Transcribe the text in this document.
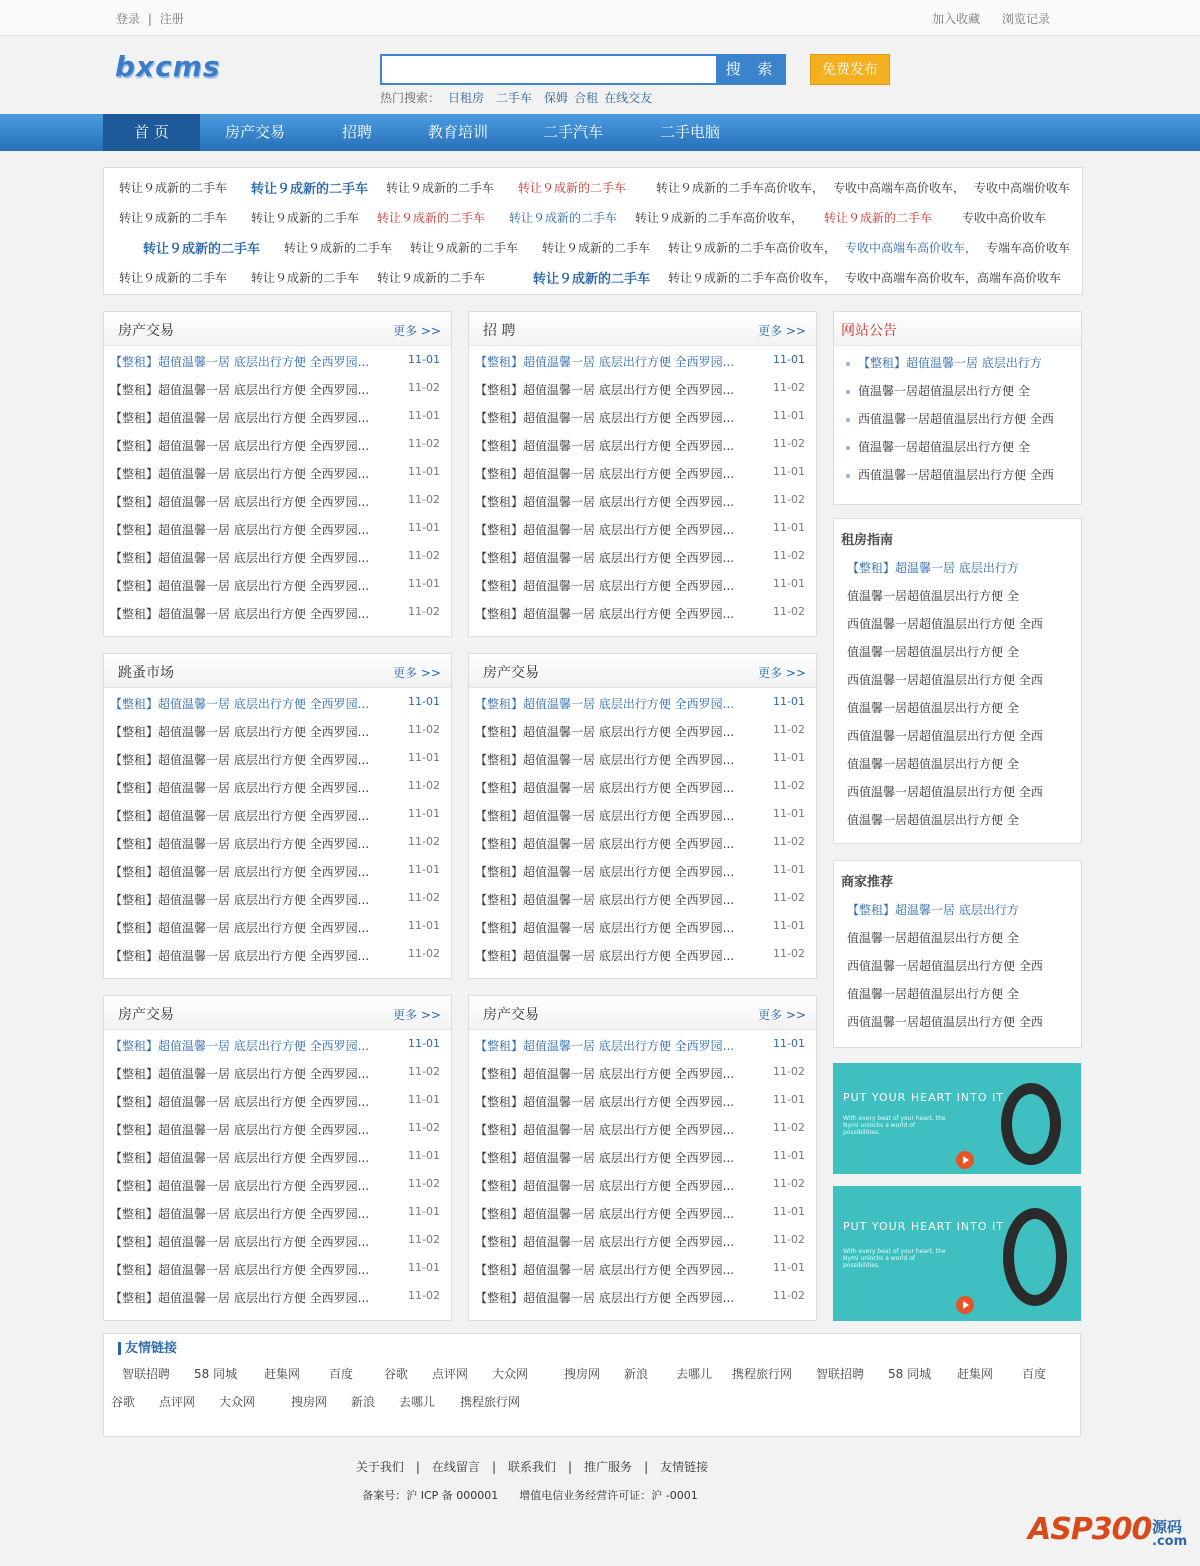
登录 | 注册	加入收藏 浏览记录
bxcms	搜 索	免费发布
热门搜索： 日租房 二手车 保姆 合租 在线交友
首 页	房产交易	招聘	教育培训	二手汽车	二手电脑
转让９成新的二手车 转让９成新的二手车 转让９成新的二手车 转让９成新的二手车 转让９成新的二手车高价收车， 专收中高端车高价收车， 专收中高端价收车
转让９成新的二手车 转让９成新的二手车 转让９成新的二手车 转让９成新的二手车 转让９成新的二手车高价收车， 转让９成新的二手车 专收中高价收车
转让９成新的二手车 转让９成新的二手车 转让９成新的二手车 转让９成新的二手车 转让９成新的二手车高价收车， 专收中高端车高价收车， 专端车高价收车
转让９成新的二手车 转让９成新的二手车 转让９成新的二手车	转让９成新的二手车 转让９成新的二手车高价收车， 专收中高端车高价收车，高端车高价收车
房产交易	更多 >>
【整租】超值温馨一居 底层出行方便 全西罗园...	11-01
【整租】超值温馨一居 底层出行方便 全西罗园...	11-02
【整租】超值温馨一居 底层出行方便 全西罗园...	11-01
【整租】超值温馨一居 底层出行方便 全西罗园...	11-02
【整租】超值温馨一居 底层出行方便 全西罗园...	11-01
【整租】超值温馨一居 底层出行方便 全西罗园...	11-02
【整租】超值温馨一居 底层出行方便 全西罗园...	11-01
【整租】超值温馨一居 底层出行方便 全西罗园...	11-02
【整租】超值温馨一居 底层出行方便 全西罗园...	11-01
【整租】超值温馨一居 底层出行方便 全西罗园...	11-02
招 聘	更多 >>
【整租】超值温馨一居 底层出行方便 全西罗园...	11-01
【整租】超值温馨一居 底层出行方便 全西罗园...	11-02
【整租】超值温馨一居 底层出行方便 全西罗园...	11-01
【整租】超值温馨一居 底层出行方便 全西罗园...	11-02
【整租】超值温馨一居 底层出行方便 全西罗园...	11-01
【整租】超值温馨一居 底层出行方便 全西罗园...	11-02
【整租】超值温馨一居 底层出行方便 全西罗园...	11-01
【整租】超值温馨一居 底层出行方便 全西罗园...	11-02
【整租】超值温馨一居 底层出行方便 全西罗园...	11-01
【整租】超值温馨一居 底层出行方便 全西罗园...	11-02
跳蚤市场	更多 >>
【整租】超值温馨一居 底层出行方便 全西罗园...	11-01
【整租】超值温馨一居 底层出行方便 全西罗园...	11-02
【整租】超值温馨一居 底层出行方便 全西罗园...	11-01
【整租】超值温馨一居 底层出行方便 全西罗园...	11-02
【整租】超值温馨一居 底层出行方便 全西罗园...	11-01
【整租】超值温馨一居 底层出行方便 全西罗园...	11-02
【整租】超值温馨一居 底层出行方便 全西罗园...	11-01
【整租】超值温馨一居 底层出行方便 全西罗园...	11-02
【整租】超值温馨一居 底层出行方便 全西罗园...	11-01
【整租】超值温馨一居 底层出行方便 全西罗园...	11-02
房产交易	更多 >>
【整租】超值温馨一居 底层出行方便 全西罗园...	11-01
【整租】超值温馨一居 底层出行方便 全西罗园...	11-02
【整租】超值温馨一居 底层出行方便 全西罗园...	11-01
【整租】超值温馨一居 底层出行方便 全西罗园...	11-02
【整租】超值温馨一居 底层出行方便 全西罗园...	11-01
【整租】超值温馨一居 底层出行方便 全西罗园...	11-02
【整租】超值温馨一居 底层出行方便 全西罗园...	11-01
【整租】超值温馨一居 底层出行方便 全西罗园...	11-02
【整租】超值温馨一居 底层出行方便 全西罗园...	11-01
【整租】超值温馨一居 底层出行方便 全西罗园...	11-02
房产交易	更多 >>
【整租】超值温馨一居 底层出行方便 全西罗园...	11-01
【整租】超值温馨一居 底层出行方便 全西罗园...	11-02
【整租】超值温馨一居 底层出行方便 全西罗园...	11-01
【整租】超值温馨一居 底层出行方便 全西罗园...	11-02
【整租】超值温馨一居 底层出行方便 全西罗园...	11-01
【整租】超值温馨一居 底层出行方便 全西罗园...	11-02
【整租】超值温馨一居 底层出行方便 全西罗园...	11-01
【整租】超值温馨一居 底层出行方便 全西罗园...	11-02
【整租】超值温馨一居 底层出行方便 全西罗园...	11-01
【整租】超值温馨一居 底层出行方便 全西罗园...	11-02
房产交易	更多 >>
【整租】超值温馨一居 底层出行方便 全西罗园...	11-01
【整租】超值温馨一居 底层出行方便 全西罗园...	11-02
【整租】超值温馨一居 底层出行方便 全西罗园...	11-01
【整租】超值温馨一居 底层出行方便 全西罗园...	11-02
【整租】超值温馨一居 底层出行方便 全西罗园...	11-01
【整租】超值温馨一居 底层出行方便 全西罗园...	11-02
【整租】超值温馨一居 底层出行方便 全西罗园...	11-01
【整租】超值温馨一居 底层出行方便 全西罗园...	11-02
【整租】超值温馨一居 底层出行方便 全西罗园...	11-01
【整租】超值温馨一居 底层出行方便 全西罗园...	11-02
网站公告
【整租】超值温馨一居 底层出行方
值温馨一居超值温层出行方便 全
西值温馨一居超值温层出行方便 全西
值温馨一居超值温层出行方便 全
西值温馨一居超值温层出行方便 全西
租房指南
【整租】超温馨一居 底层出行方
值温馨一居超值温层出行方便 全
西值温馨一居超值温层出行方便 全西
值温馨一居超值温层出行方便 全
西值温馨一居超值温层出行方便 全西
值温馨一居超值温层出行方便 全
西值温馨一居超值温层出行方便 全西
值温馨一居超值温层出行方便 全
西值温馨一居超值温层出行方便 全西
值温馨一居超值温层出行方便 全
商家推荐
【整租】超温馨一居 底层出行方
值温馨一居超值温层出行方便 全
西值温馨一居超值温层出行方便 全西
值温馨一居超值温层出行方便 全
西值温馨一居超值温层出行方便 全西
PUT YOUR HEART INTO IT
With every beat of your heart, the Nymi unlocks a world of possibilities.
PUT YOUR HEART INTO IT
With every beat of your heart, the Nymi unlocks a world of possibilities.
友情链接
智联招聘 58 同城 赶集网 百度	谷歌 点评网 大众网	搜房网 新浪 去哪儿 携程旅行网 智联招聘 58 同城 赶集网 百度
谷歌 点评网 大众网	搜房网 新浪 去哪儿 携程旅行网
关于我们 | 在线留言 | 联系我们 | 推广服务 | 友情链接
备案号：沪 ICP 备 000001      增值电信业务经营许可证：沪 -0001
ASP300 源码
.com
